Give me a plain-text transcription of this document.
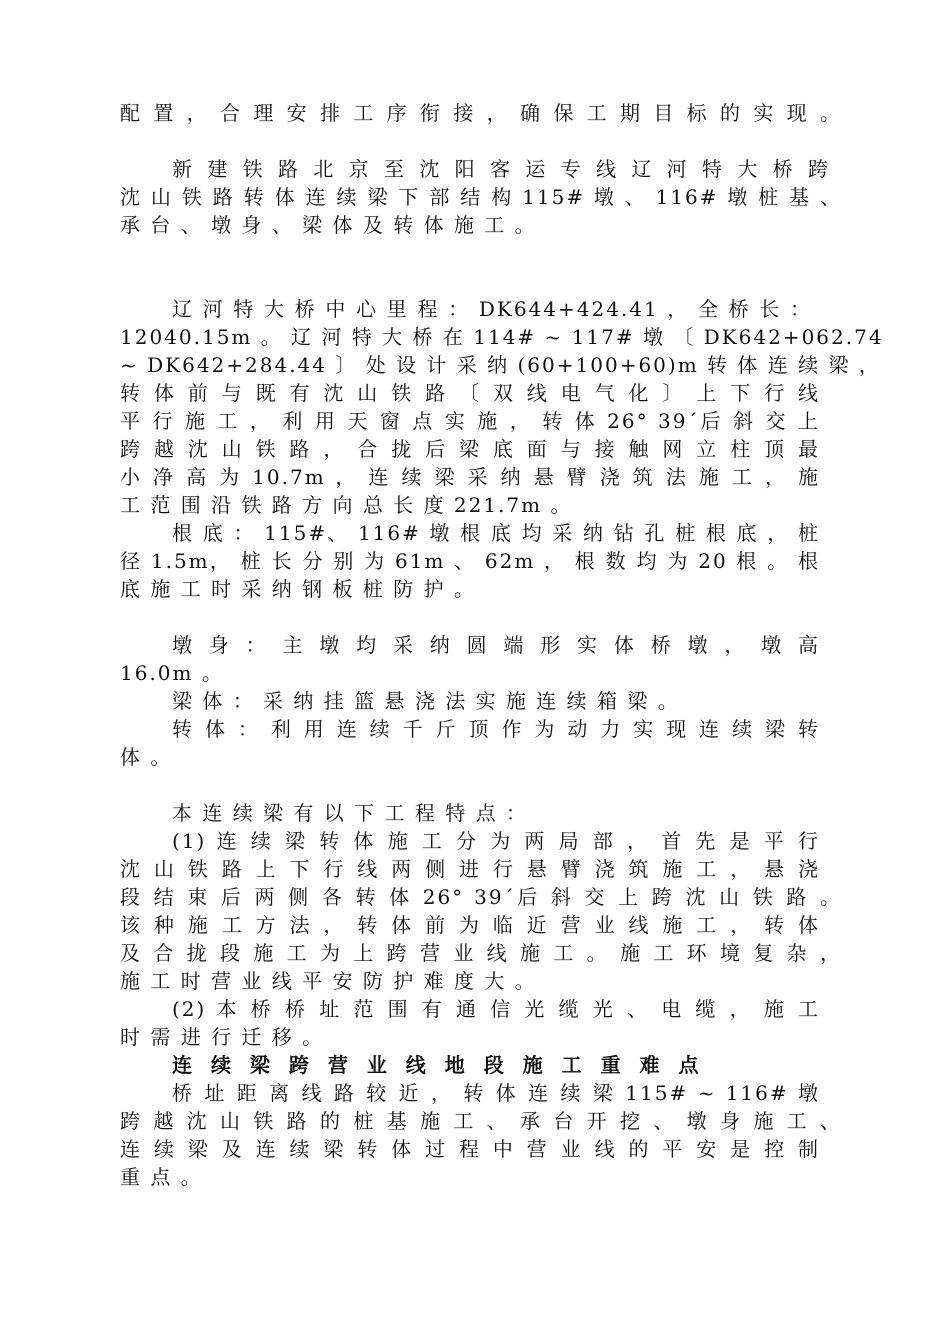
配 置 ， 合 理 安 排 工 序 衔 接 ， 确 保 工 期 目 标 的 实 现 。
新 建 铁 路 北 京 至 沈 阳 客 运 专 线 辽 河 特 大 桥 跨
沈 山 铁 路 转 体 连 续 梁 下 部 结 构 115# 墩 、 116# 墩 桩 基 、
承 台 、 墩 身 、 梁 体 及 转 体 施 工 。
辽 河 特 大 桥 中 心 里 程 ： DK644+424.41 ， 全 桥 长 ：
12040.15m 。 辽 河 特 大 桥 在 114# ~ 117# 墩 〔 DK642+062.74
~ DK642+284.44 〕 处 设 计 采 纳 (60+100+60)m 转 体 连 续 梁 ，
转 体 前 与 既 有 沈 山 铁 路 〔 双 线 电 气 化 〕 上 下 行 线
平 行 施 工 ， 利 用 天 窗 点 实 施 ， 转 体 26° 39´后 斜 交 上
跨 越 沈 山 铁 路 ， 合 拢 后 梁 底 面 与 接 触 网 立 柱 顶 最
小 净 高 为 10.7m ， 连 续 梁 采 纳 悬 臂 浇 筑 法 施 工 ， 施
工 范 围 沿 铁 路 方 向 总 长 度 221.7m 。
根 底 ： 115#、 116# 墩 根 底 均 采 纳 钻 孔 桩 根 底 ， 桩
径 1.5m， 桩 长 分 别 为 61m 、 62m ， 根 数 均 为 20 根 。 根
底 施 工 时 采 纳 钢 板 桩 防 护 。
墩 身 ： 主 墩 均 采 纳 圆 端 形 实 体 桥 墩 ， 墩 高
16.0m 。
梁 体 ： 采 纳 挂 篮 悬 浇 法 实 施 连 续 箱 梁 。
转 体 ： 利 用 连 续 千 斤 顶 作 为 动 力 实 现 连 续 梁 转
体 。
本 连 续 梁 有 以 下 工 程 特 点 ：
(1) 连 续 梁 转 体 施 工 分 为 两 局 部 ， 首 先 是 平 行
沈 山 铁 路 上 下 行 线 两 侧 进 行 悬 臂 浇 筑 施 工 ， 悬 浇
段 结 束 后 两 侧 各 转 体 26° 39´后 斜 交 上 跨 沈 山 铁 路 。
该 种 施 工 方 法 ， 转 体 前 为 临 近 营 业 线 施 工 ， 转 体
及 合 拢 段 施 工 为 上 跨 营 业 线 施 工 。 施 工 环 境 复 杂 ，
施 工 时 营 业 线 平 安 防 护 难 度 大 。
(2) 本 桥 桥 址 范 围 有 通 信 光 缆 光 、 电 缆 ， 施 工
时 需 进 行 迁 移 。
连 续 梁 跨 营 业 线 地 段 施 工 重 难 点
桥 址 距 离 线 路 较 近 ， 转 体 连 续 梁 115# ~ 116# 墩
跨 越 沈 山 铁 路 的 桩 基 施 工 、 承 台 开 挖 、 墩 身 施 工 、
连 续 梁 及 连 续 梁 转 体 过 程 中 营 业 线 的 平 安 是 控 制
重 点 。
